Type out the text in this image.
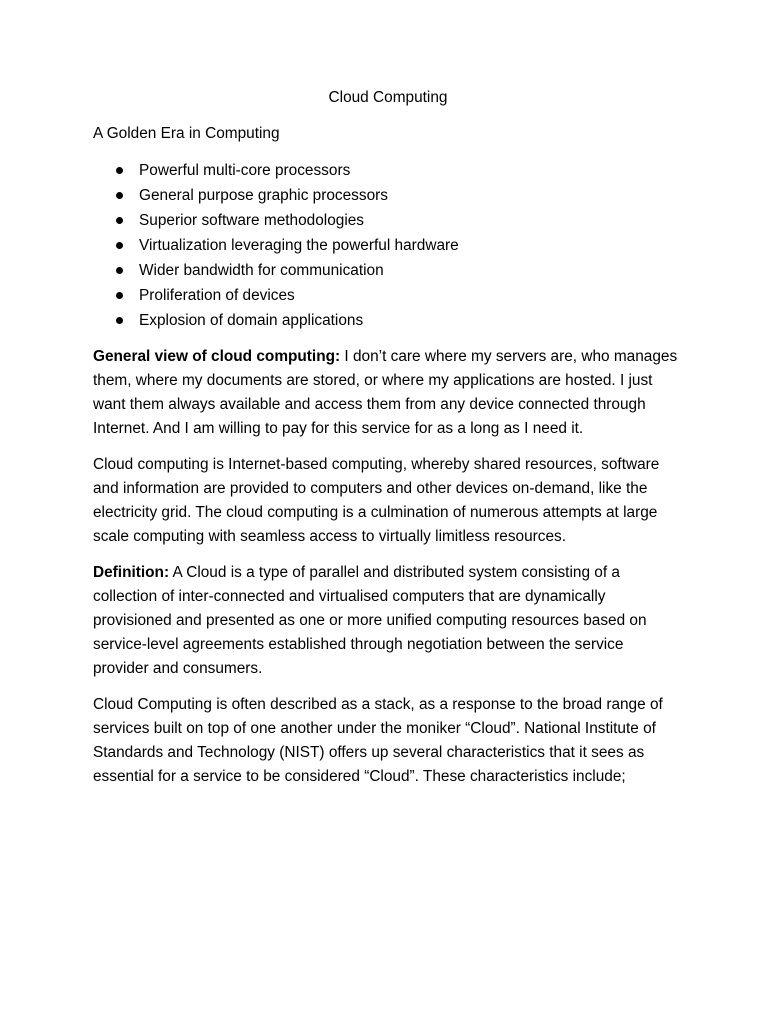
Cloud Computing
A Golden Era in Computing
Powerful multi-core processors
General purpose graphic processors
Superior software methodologies
Virtualization leveraging the powerful hardware
Wider bandwidth for communication
Proliferation of devices
Explosion of domain applications

General view of cloud computing: I don’t care where my servers are, who manages them, where my documents are stored, or where my applications are hosted. I just want them always available and access them from any device connected through Internet. And I am willing to pay for this service for as a long as I need it.

Cloud computing is Internet-based computing, whereby shared resources, software and information are provided to computers and other devices on-demand, like the electricity grid. The cloud computing is a culmination of numerous attempts at large scale computing with seamless access to virtually limitless resources.

Definition: A Cloud is a type of parallel and distributed system consisting of a collection of inter-connected and virtualised computers that are dynamically provisioned and presented as one or more unified computing resources based on service-level agreements established through negotiation between the service provider and consumers.

Cloud Computing is often described as a stack, as a response to the broad range of services built on top of one another under the moniker “Cloud”. National Institute of Standards and Technology (NIST) offers up several characteristics that it sees as essential for a service to be considered “Cloud”. These characteristics include;
